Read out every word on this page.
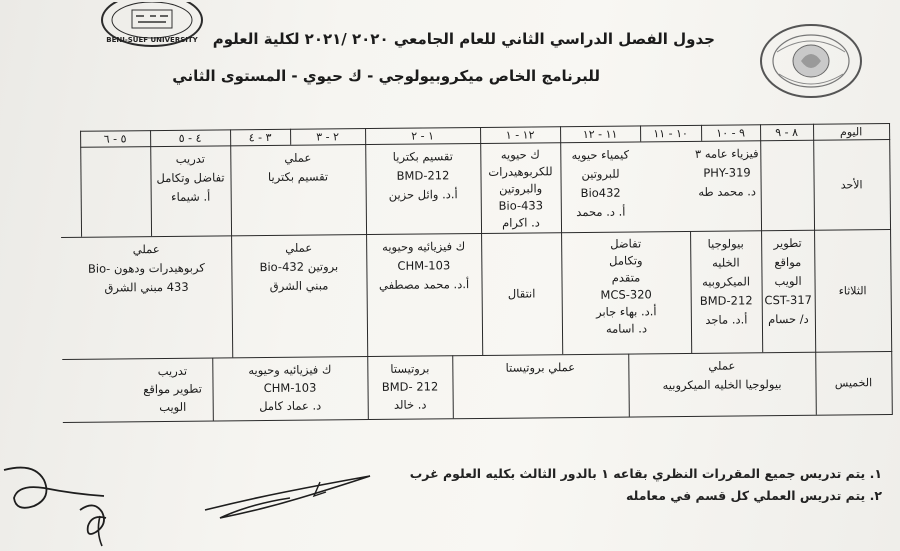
BENI-SUEF UNIVERSITY جدول الفصل الدراسي الثاني للعام الجامعي ٢٠٢٠ /٢٠٢١ لكلية العلوم
للبرنامج الخاص ميكروبيولوجي - ك حيوي - المستوى الثاني
اليوم
٨ - ٩
٩ - ١٠
١٠ - ١١
١١ - ١٢
١٢ - ١
١ - ٢
٢ - ٣
٣ - ٤
٤ - ٥
٥ - ٦
الأحد
الثلاثاء
الخميس
فيزياء عامه ٣
PHY-319
د. محمد طه
كيمياء حيويه
للبروتين
Bio432
أ. د. محمد
ك حيويه
للكربوهيدرات
والبروتين
Bio-433
د. اكرام
تقسيم بكتريا
BMD-212
أ.د. وائل حزين
عملي
تقسيم بكتريا
تدريب
تفاضل وتكامل
أ. شيماء
تطوير مواقع
الويب
CST-317
د/ حسام
بيولوجيا
الخليه
الميكروبيه
BMD-212
أ.د. ماجد
تفاضل
وتكامل
متقدم
MCS-320
أ.د. بهاء جابر
د. اسامه
انتقال
ك فيزيائيه وحيويه
CHM-103
أ.د. محمد مصطفي
عملي
بروتين Bio-432
مبني الشرق
عملي
كربوهيدرات ودهون -Bio
433 مبني الشرق
عملي
بيولوجيا الخليه الميكروبيه
عملي بروتيستا
بروتيستا
BMD- 212
د. خالد
ك فيزيائيه وحيويه
CHM-103
د. عماد كامل
تدريب
تطوير مواقع
الويب
١. يتم تدريس جميع المقررات النظري بقاعه ١ بالدور الثالث بكليه العلوم غرب
٢. يتم تدريس العملي كل قسم في معامله
